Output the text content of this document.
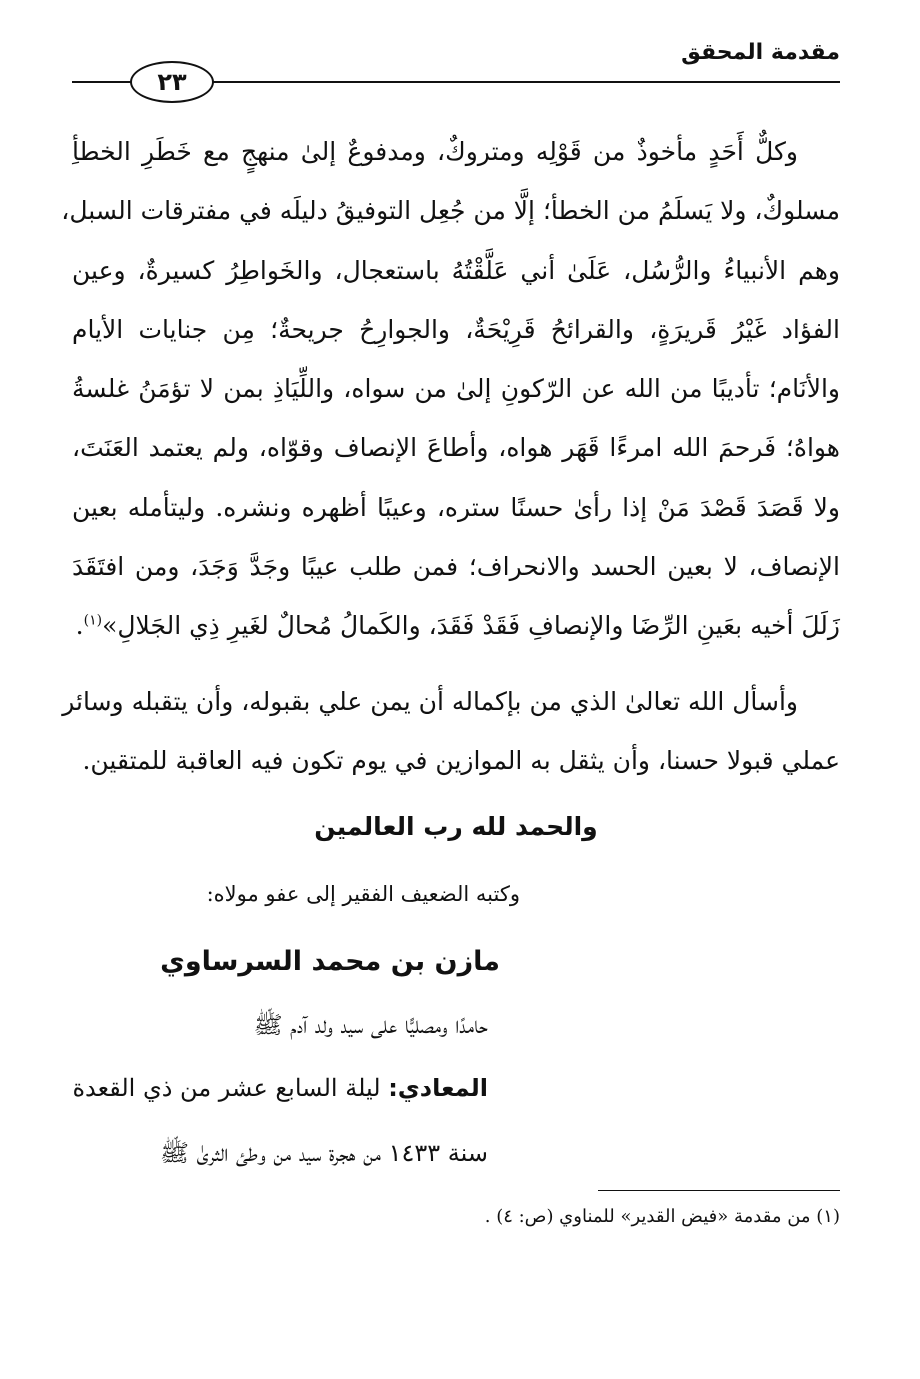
مقدمة المحقق
٢٣
وكلٌّ أَحَدٍ مأخوذٌ من قَوْلِه ومتروكٌ، ومدفوعٌ إلىٰ منهجٍ مع خَطَرِ الخطأِ
مسلوكٌ، ولا يَسلَمُ من الخطأ؛ إلَّا من جُعِل التوفيقُ دليلَه في مفترقات السبل،
وهم الأنبياءُ والرُّسُل، عَلَىٰ أني عَلَّقْتُهُ باستعجال، والخَواطِرُ كسيرةٌ، وعين
الفؤاد غَيْرُ قَريرَةٍ، والقرائحُ قَرِيْحَةٌ، والجوارِحُ جريحةٌ؛ مِن جنايات الأيام
والأنَام؛ تأديبًا من الله عن الرّكونِ إلىٰ من سواه، واللِّيَاذِ بمن لا تؤمَنُ غلسةُ
هواهُ؛ فَرحمَ الله امرءًا قَهَر هواه، وأطاعَ الإنصاف وقوّاه، ولم يعتمد العَنَتَ،
ولا قَصَدَ قَصْدَ مَنْ إذا رأىٰ حسنًا ستره، وعيبًا أظهره ونشره. وليتأمله بعين
الإنصاف، لا بعين الحسد والانحراف؛ فمن طلب عيبًا وجَدَّ وَجَدَ، ومن افتَقَدَ
زَلَلَ أخيه بعَينِ الرِّضَا والإنصافِ فَقَدْ فَقَدَ، والكَمالُ مُحالٌ لغَيرِ ذِي الجَلالِ»$^{(١)}$.
وأسأل الله تعالىٰ الذي من بإكماله أن يمن علي بقبوله، وأن يتقبله وسائر
عملي قبولا حسنا، وأن يثقل به الموازين في يوم تكون فيه العاقبة للمتقين.
والحمد لله رب العالمين
وكتبه الضعيف الفقير إلى عفو مولاه:
مازن بن محمد السرساوي
حامدًا ومصليًّا على سيد ولد آدم ﷺ
المعادي: ليلة السابع عشر من ذي القعدة
سنة ١٤٣٣ من هجرة سيد من وطئ الثرىٰ ﷺ
(١) من مقدمة «فيض القدير» للمناوي (ص: ٤) .
